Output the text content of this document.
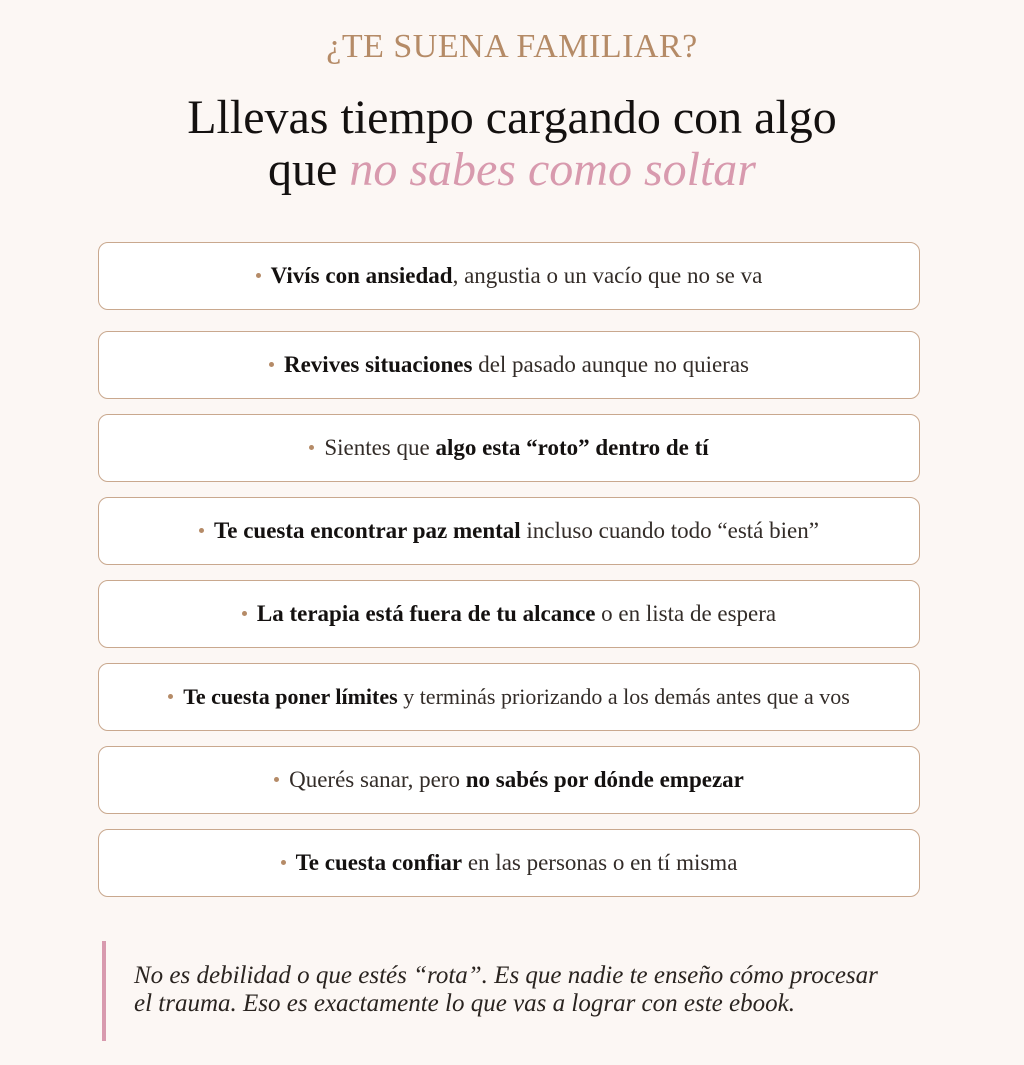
¿TE SUENA FAMILIAR?
Lllevas tiempo cargando con algo
que no sabes como soltar
Vivís con ansiedad , angustia o un vacío que no se va
Revives situaciones del pasado aunque no quieras
Sientes que algo esta “roto” dentro de tí
Te cuesta encontrar paz mental incluso cuando todo “está bien”
La terapia está fuera de tu alcance o en lista de espera
Te cuesta poner límites y terminás priorizando a los demás antes que a vos
Querés sanar, pero no sabés por dónde empezar
Te cuesta confiar en las personas o en tí misma
No es debilidad o que estés “rota”. Es que nadie te enseño cómo procesar
el trauma. Eso es exactamente lo que vas a lograr con este ebook.
